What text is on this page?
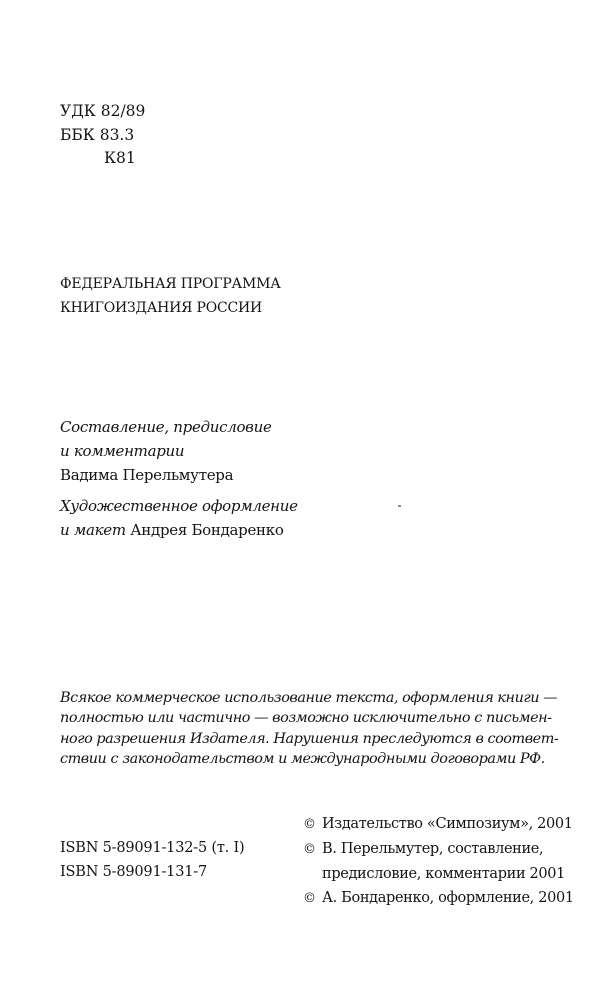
УДК 82/89
ББК 83.3
К81
ФЕДЕРАЛЬНАЯ ПРОГРАММА
КНИГОИЗДАНИЯ РОССИИ
Составление, предисловие
и комментарии
Вадима Перельмутера
Художественное оформление
и макет Андрея Бондаренко
Всякое коммерческое использование текста, оформления книги —
полностью или частично — возможно исключительно с письмен-
ного разрешения Издателя. Нарушения преследуются в соответ-
ствии с законодательством и международными договорами РФ.
ISBN 5-89091-132-5 (т. I)
ISBN 5-89091-131-7
© Издательство «Симпозиум», 2001
© В. Перельмутер, составление,
предисловие, комментарии 2001
© А. Бондаренко, оформление, 2001
